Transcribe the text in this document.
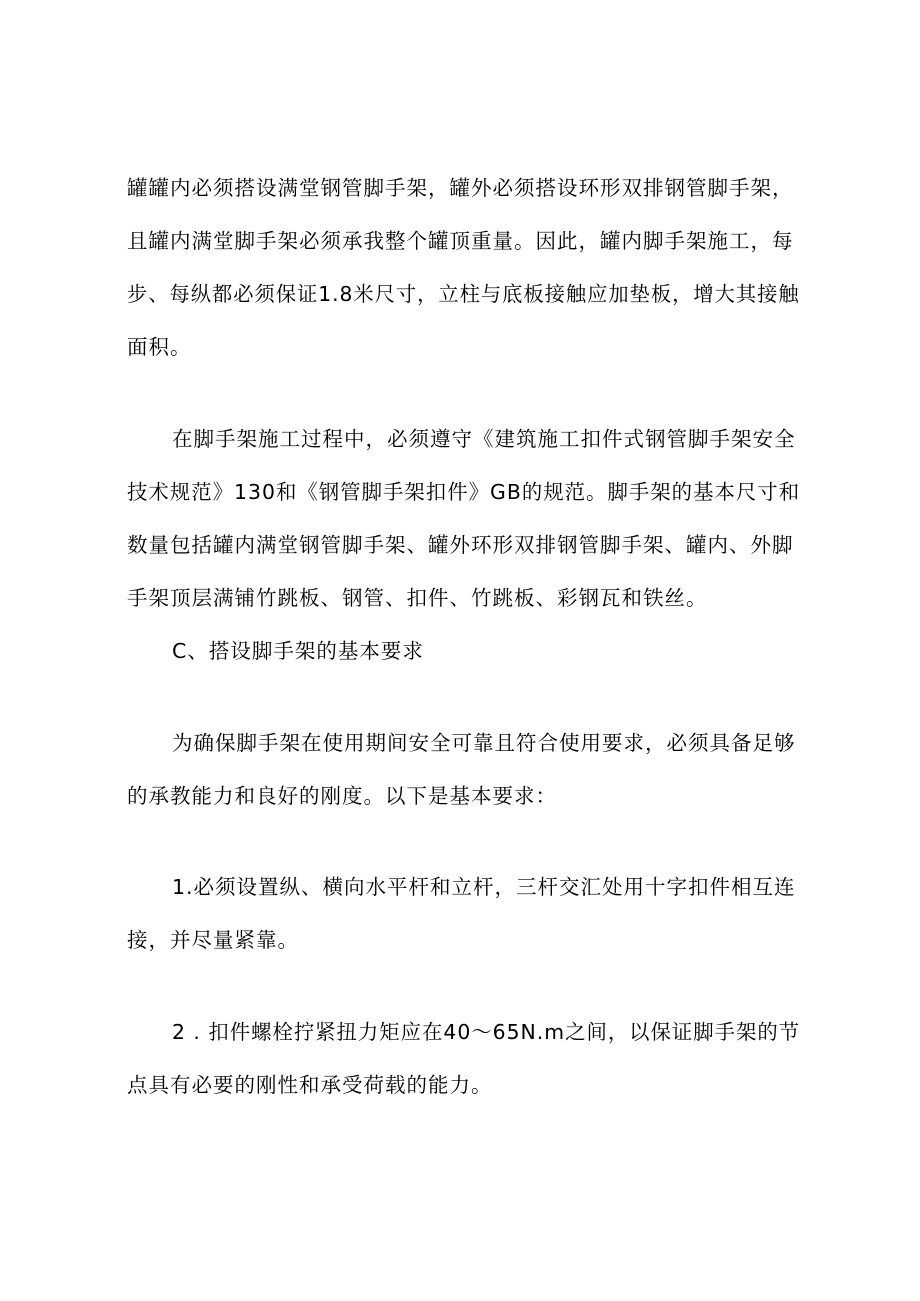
罐罐内必须搭设满堂钢管脚手架，罐外必须搭设环形双排钢管脚手架，
且罐内满堂脚手架必须承我整个罐顶重量。因此，罐内脚手架施工，每
步、每纵都必须保证1.8米尺寸，立柱与底板接触应加垫板，增大其接触
面积。
在脚手架施工过程中，必须遵守《建筑施工扣件式钢管脚手架安全
技术规范》130和《钢管脚手架扣件》GB的规范。脚手架的基本尺寸和
数量包括罐内满堂钢管脚手架、罐外环形双排钢管脚手架、罐内、外脚
手架顶层满铺竹跳板、钢管、扣件、竹跳板、彩钢瓦和铁丝。
C、搭设脚手架的基本要求
为确保脚手架在使用期间安全可靠且符合使用要求，必须具备足够
的承教能力和良好的刚度。以下是基本要求：
1.必须设置纵、横向水平杆和立杆，三杆交汇处用十字扣件相互连
接，并尽量紧靠。
2 . 扣件螺栓拧紧扭力矩应在40〜65N.m之间，以保证脚手架的节
点具有必要的刚性和承受荷载的能力。
